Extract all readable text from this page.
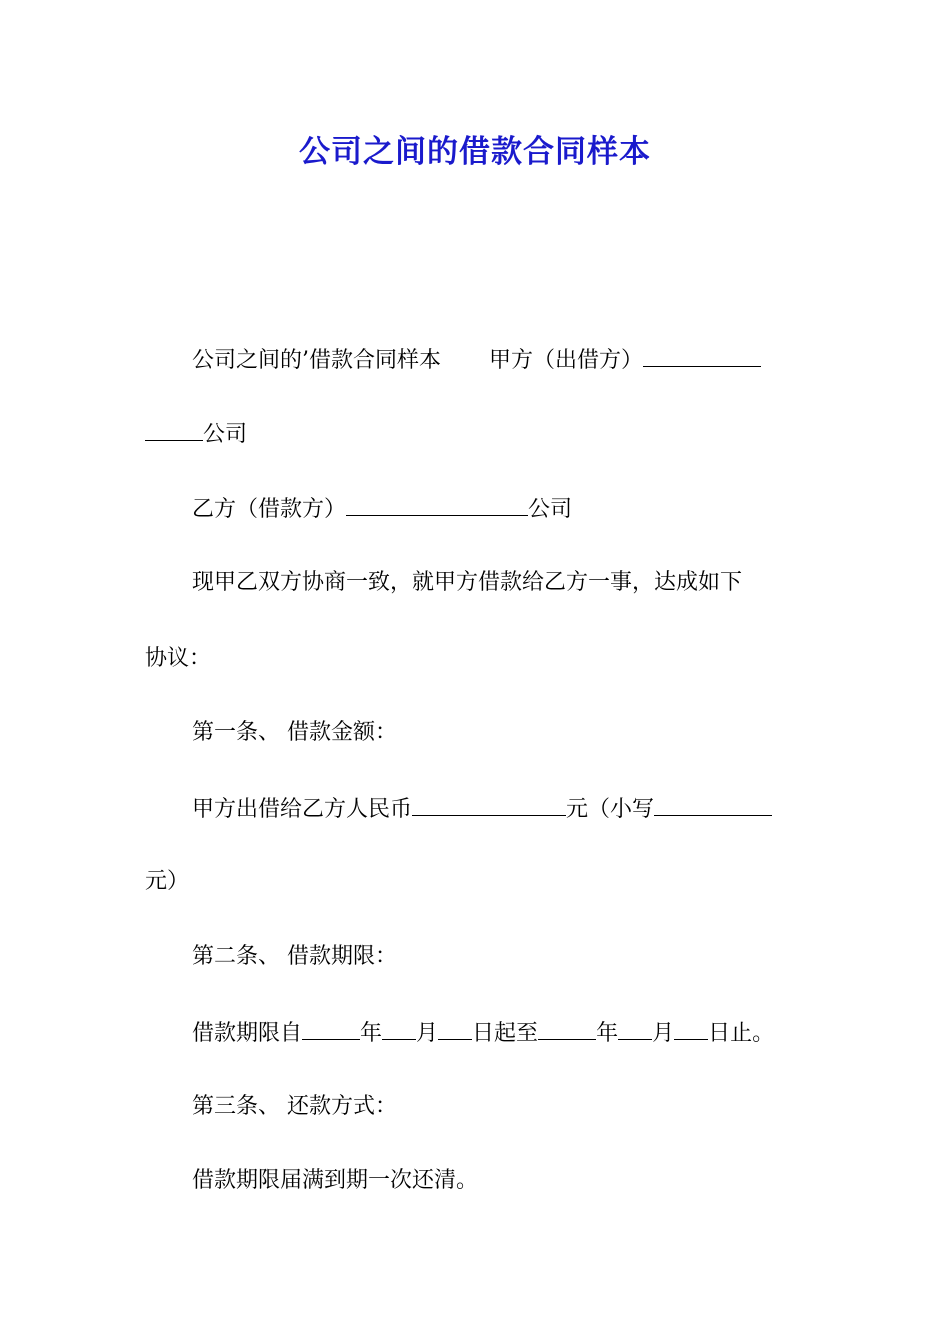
公司之间的借款合同样本
公司之间的’借款合同样本 甲方（出借方）
公司
乙方（借款方）	公司
现甲乙双方协商一致，就甲方借款给乙方一事，达成如下
协议：
第一条、 借款金额：
甲方出借给乙方人民币	元（小写
元）
第二条、 借款期限：
借款期限自	年 月 日起至	年 月 日止。
第三条、 还款方式：
借款期限届满到期一次还清。
